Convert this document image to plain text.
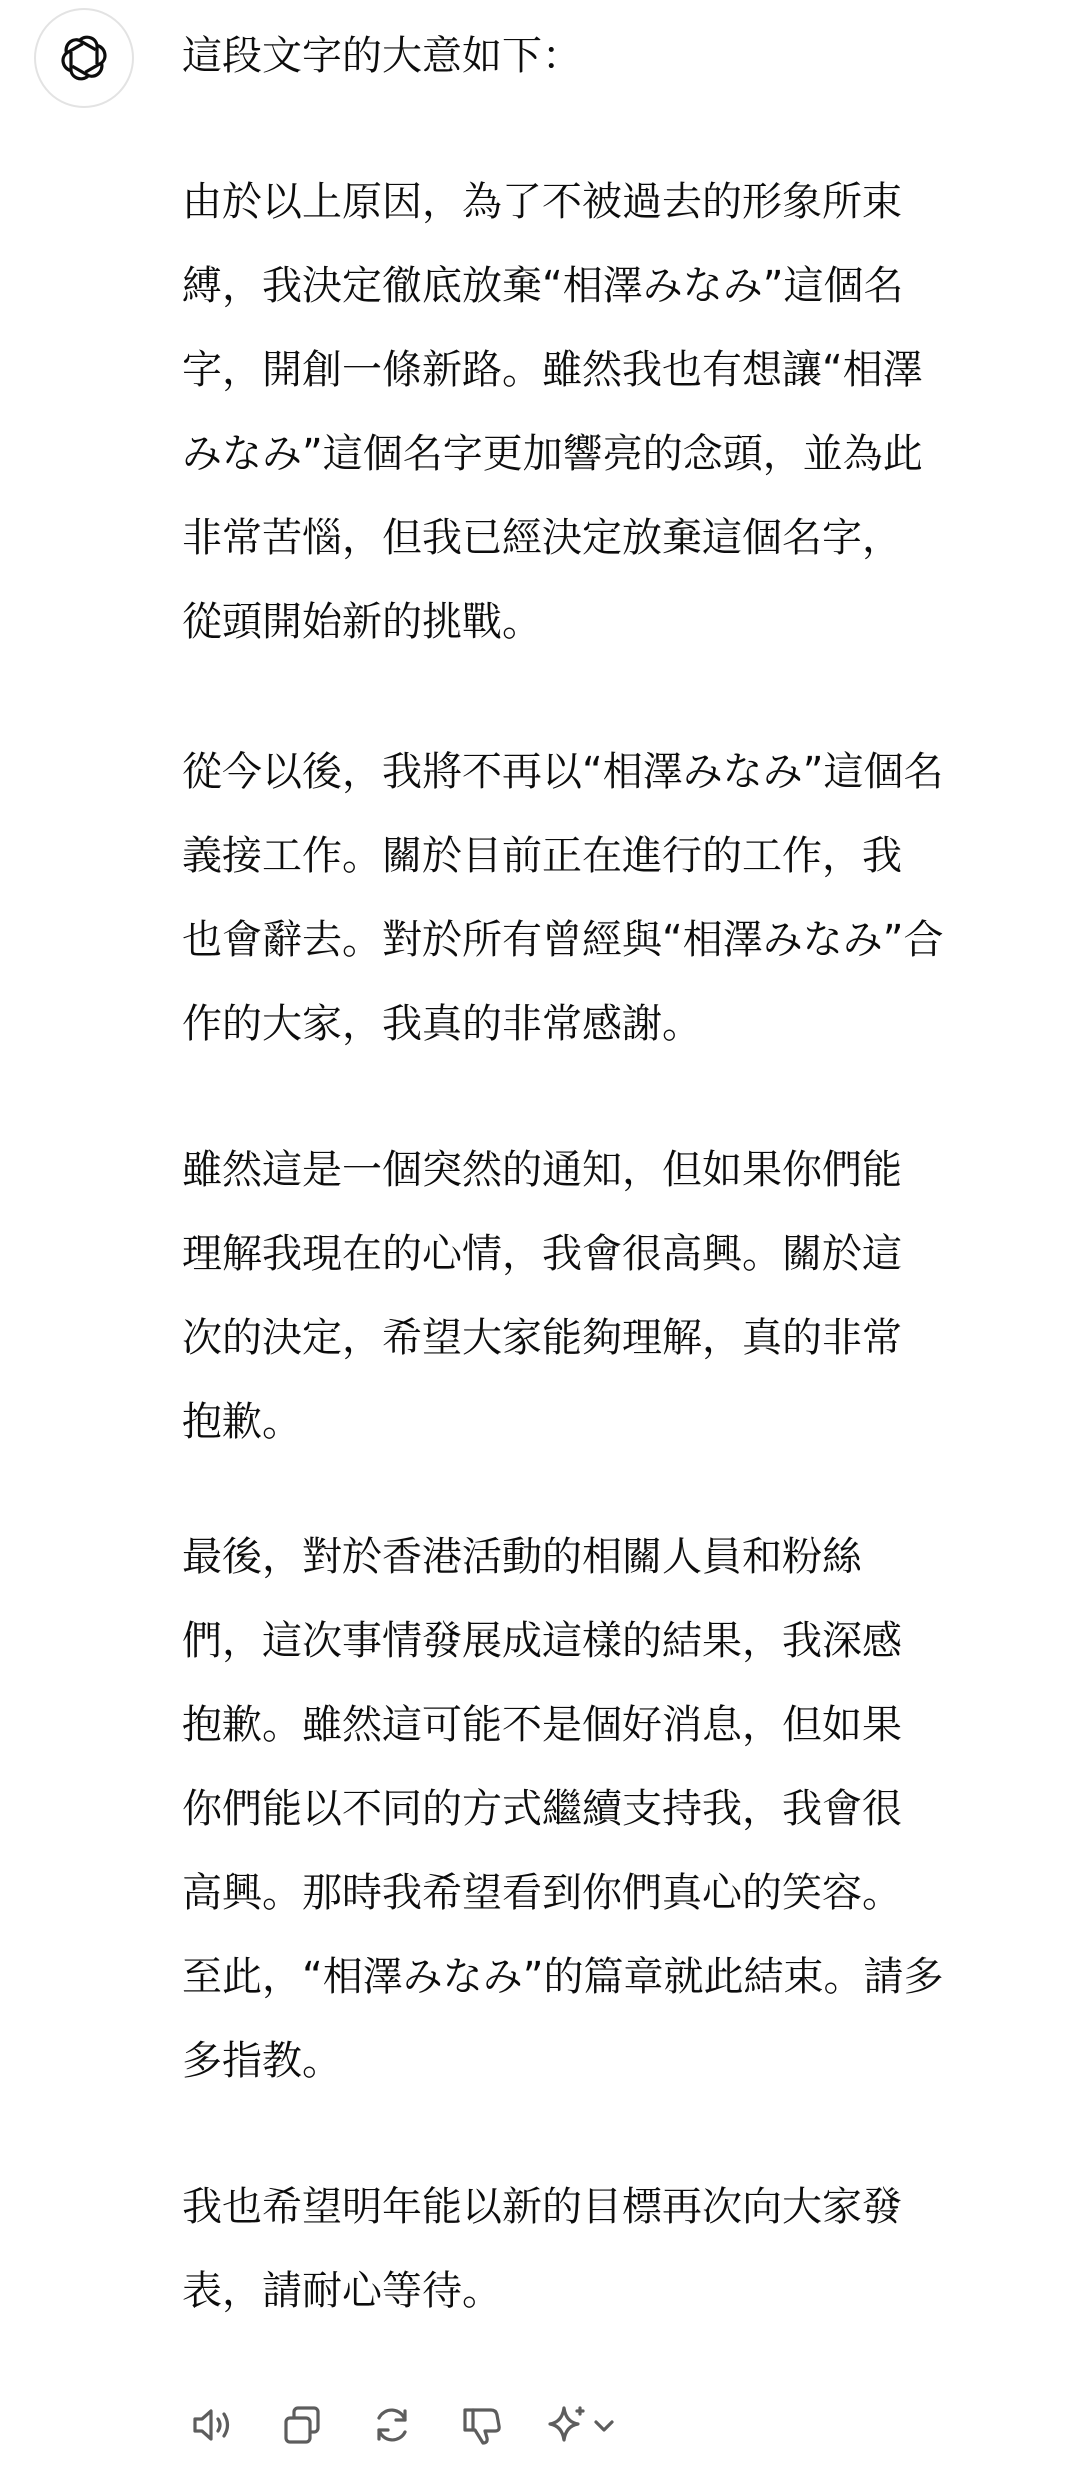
這段文字的大意如下：

由於以上原因，為了不被過去的形象所束
縛，我決定徹底放棄“相澤みなみ”這個名
字，開創一條新路。雖然我也有想讓“相澤
みなみ”這個名字更加響亮的念頭，並為此
非常苦惱，但我已經決定放棄這個名字，
從頭開始新的挑戰。
從今以後，我將不再以“相澤みなみ”這個名
義接工作。關於目前正在進行的工作，我
也會辭去。對於所有曾經與“相澤みなみ”合
作的大家，我真的非常感謝。
雖然這是一個突然的通知，但如果你們能
理解我現在的心情，我會很高興。關於這
次的決定，希望大家能夠理解，真的非常
抱歉。
最後，對於香港活動的相關人員和粉絲
們，這次事情發展成這樣的結果，我深感
抱歉。雖然這可能不是個好消息，但如果
你們能以不同的方式繼續支持我，我會很
高興。那時我希望看到你們真心的笑容。
至此，“相澤みなみ”的篇章就此結束。請多
多指教。
我也希望明年能以新的目標再次向大家發
表，請耐心等待。
